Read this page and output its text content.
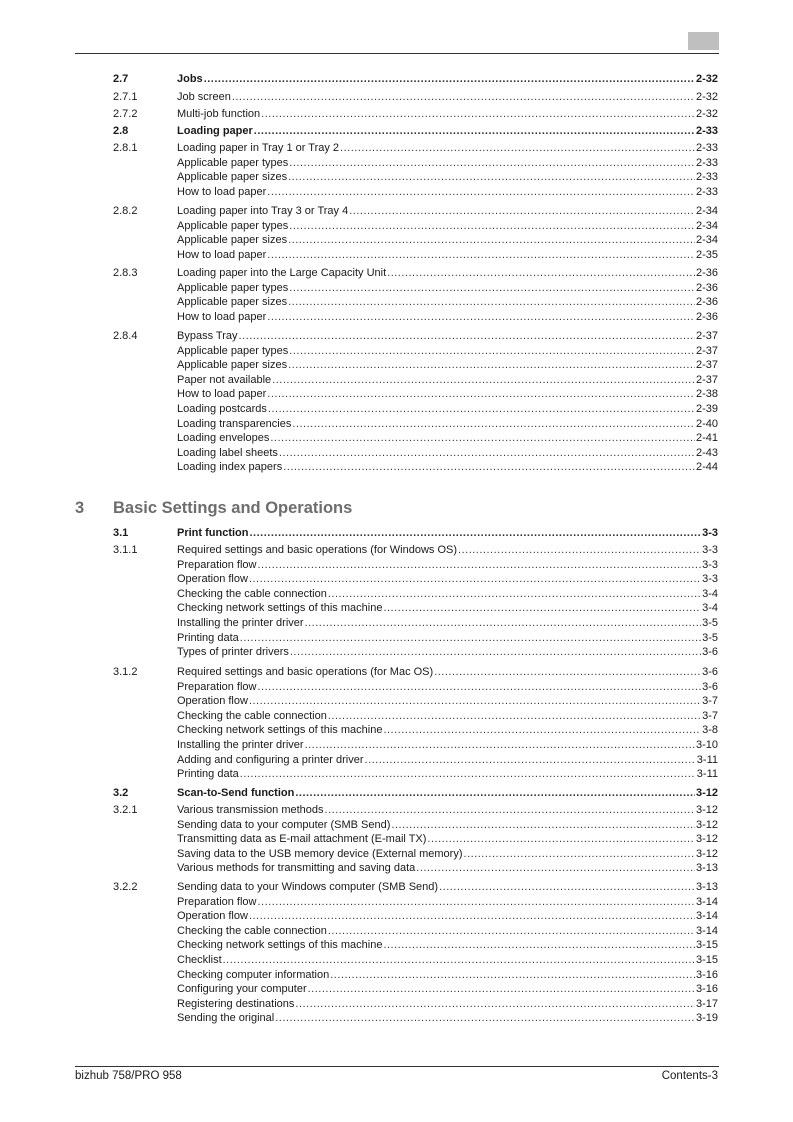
2.7	Jobs .....	2-32
2.7.1	Job screen .....	2-32
2.7.2	Multi-job function .....	2-32
2.8	Loading paper .....	2-33
2.8.1	Loading paper in Tray 1 or Tray 2 .....	2-33
Applicable paper types .....	2-33
Applicable paper sizes .....	2-33
How to load paper .....	2-33
2.8.2	Loading paper into Tray 3 or Tray 4 .....	2-34
Applicable paper types .....	2-34
Applicable paper sizes .....	2-34
How to load paper .....	2-35
2.8.3	Loading paper into the Large Capacity Unit .....	2-36
Applicable paper types .....	2-36
Applicable paper sizes .....	2-36
How to load paper .....	2-36
2.8.4	Bypass Tray .....	2-37
Applicable paper types .....	2-37
Applicable paper sizes .....	2-37
Paper not available .....	2-37
How to load paper .....	2-38
Loading postcards .....	2-39
Loading transparencies .....	2-40
Loading envelopes .....	2-41
Loading label sheets .....	2-43
Loading index papers .....	2-44
3.1	Print function .....	3-3
3.1.1	Required settings and basic operations (for Windows OS) .....	3-3
Preparation flow .....	3-3
Operation flow .....	3-3
Checking the cable connection .....	3-4
Checking network settings of this machine .....	3-4
Installing the printer driver .....	3-5
Printing data .....	3-5
Types of printer drivers .....	3-6
3.1.2	Required settings and basic operations (for Mac OS) .....	3-6
Preparation flow .....	3-6
Operation flow .....	3-7
Checking the cable connection .....	3-7
Checking network settings of this machine .....	3-8
Installing the printer driver .....	3-10
Adding and configuring a printer driver .....	3-11
Printing data .....	3-11
3.2	Scan-to-Send function .....	3-12
3.2.1	Various transmission methods .....	3-12
Sending data to your computer (SMB Send) .....	3-12
Transmitting data as E-mail attachment (E-mail TX) .....	3-12
Saving data to the USB memory device (External memory) .....	3-12
Various methods for transmitting and saving data .....	3-13
3.2.2	Sending data to your Windows computer (SMB Send) .....	3-13
Preparation flow .....	3-14
Operation flow .....	3-14
Checking the cable connection .....	3-14
Checking network settings of this machine .....	3-15
Checklist .....	3-15
Checking computer information .....	3-16
Configuring your computer .....	3-16
Registering destinations .....	3-17
Sending the original .....	3-19
3 Basic Settings and Operations
bizhub 758/PRO 958	Contents-3
